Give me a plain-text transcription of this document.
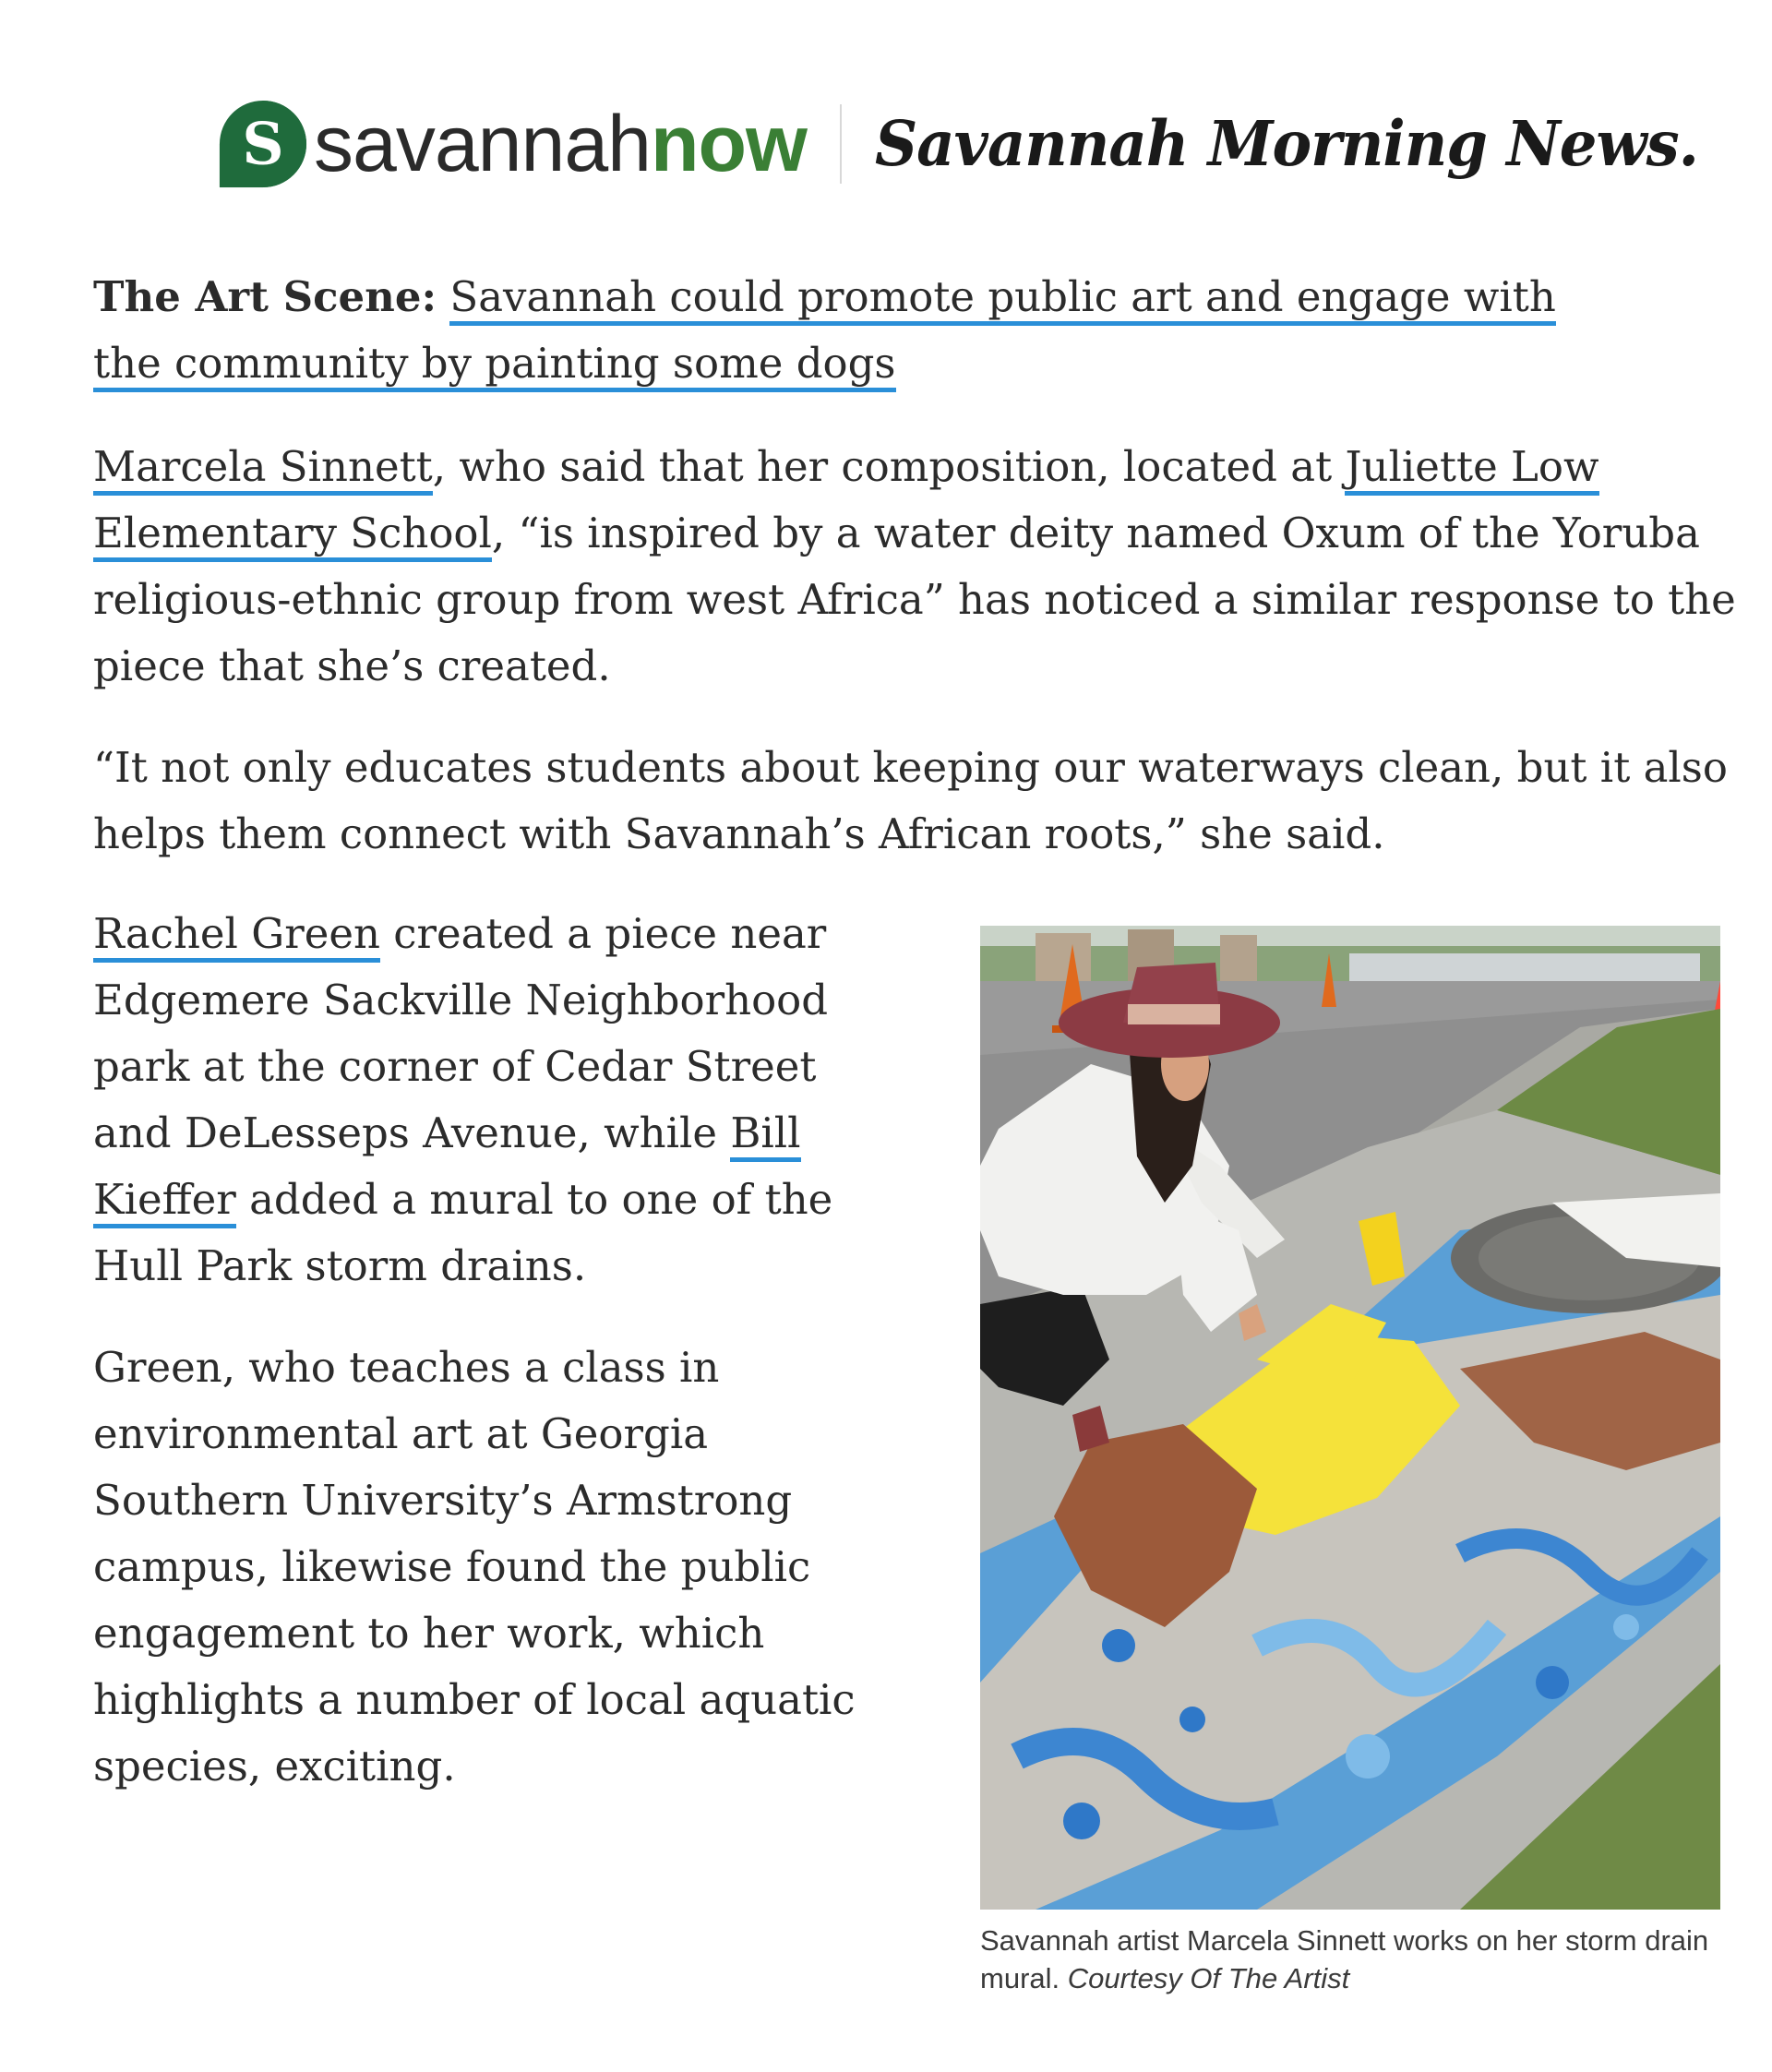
S savannahnow Savannah Morning News.
The Art Scene: Savannah could promote public art and engage with the community by painting some dogs

Marcela Sinnett, who said that her composition, located at Juliette Low Elementary School, “is inspired by a water deity named Oxum of the Yoruba religious-ethnic group from west Africa” has noticed a similar response to the piece that she’s created.

“It not only educates students about keeping our waterways clean, but it also helps them connect with Savannah’s African roots,” she said.

Rachel Green created a piece near Edgemere Sackville Neighborhood park at the corner of Cedar Street and DeLesseps Avenue, while Bill Kieffer added a mural to one of the Hull Park storm drains.

Green, who teaches a class in environmental art at Georgia Southern University’s Armstrong campus, likewise found the public engagement to her work, which highlights a number of local aquatic species, exciting.

Savannah artist Marcela Sinnett works on her storm drain mural. Courtesy Of The Artist
